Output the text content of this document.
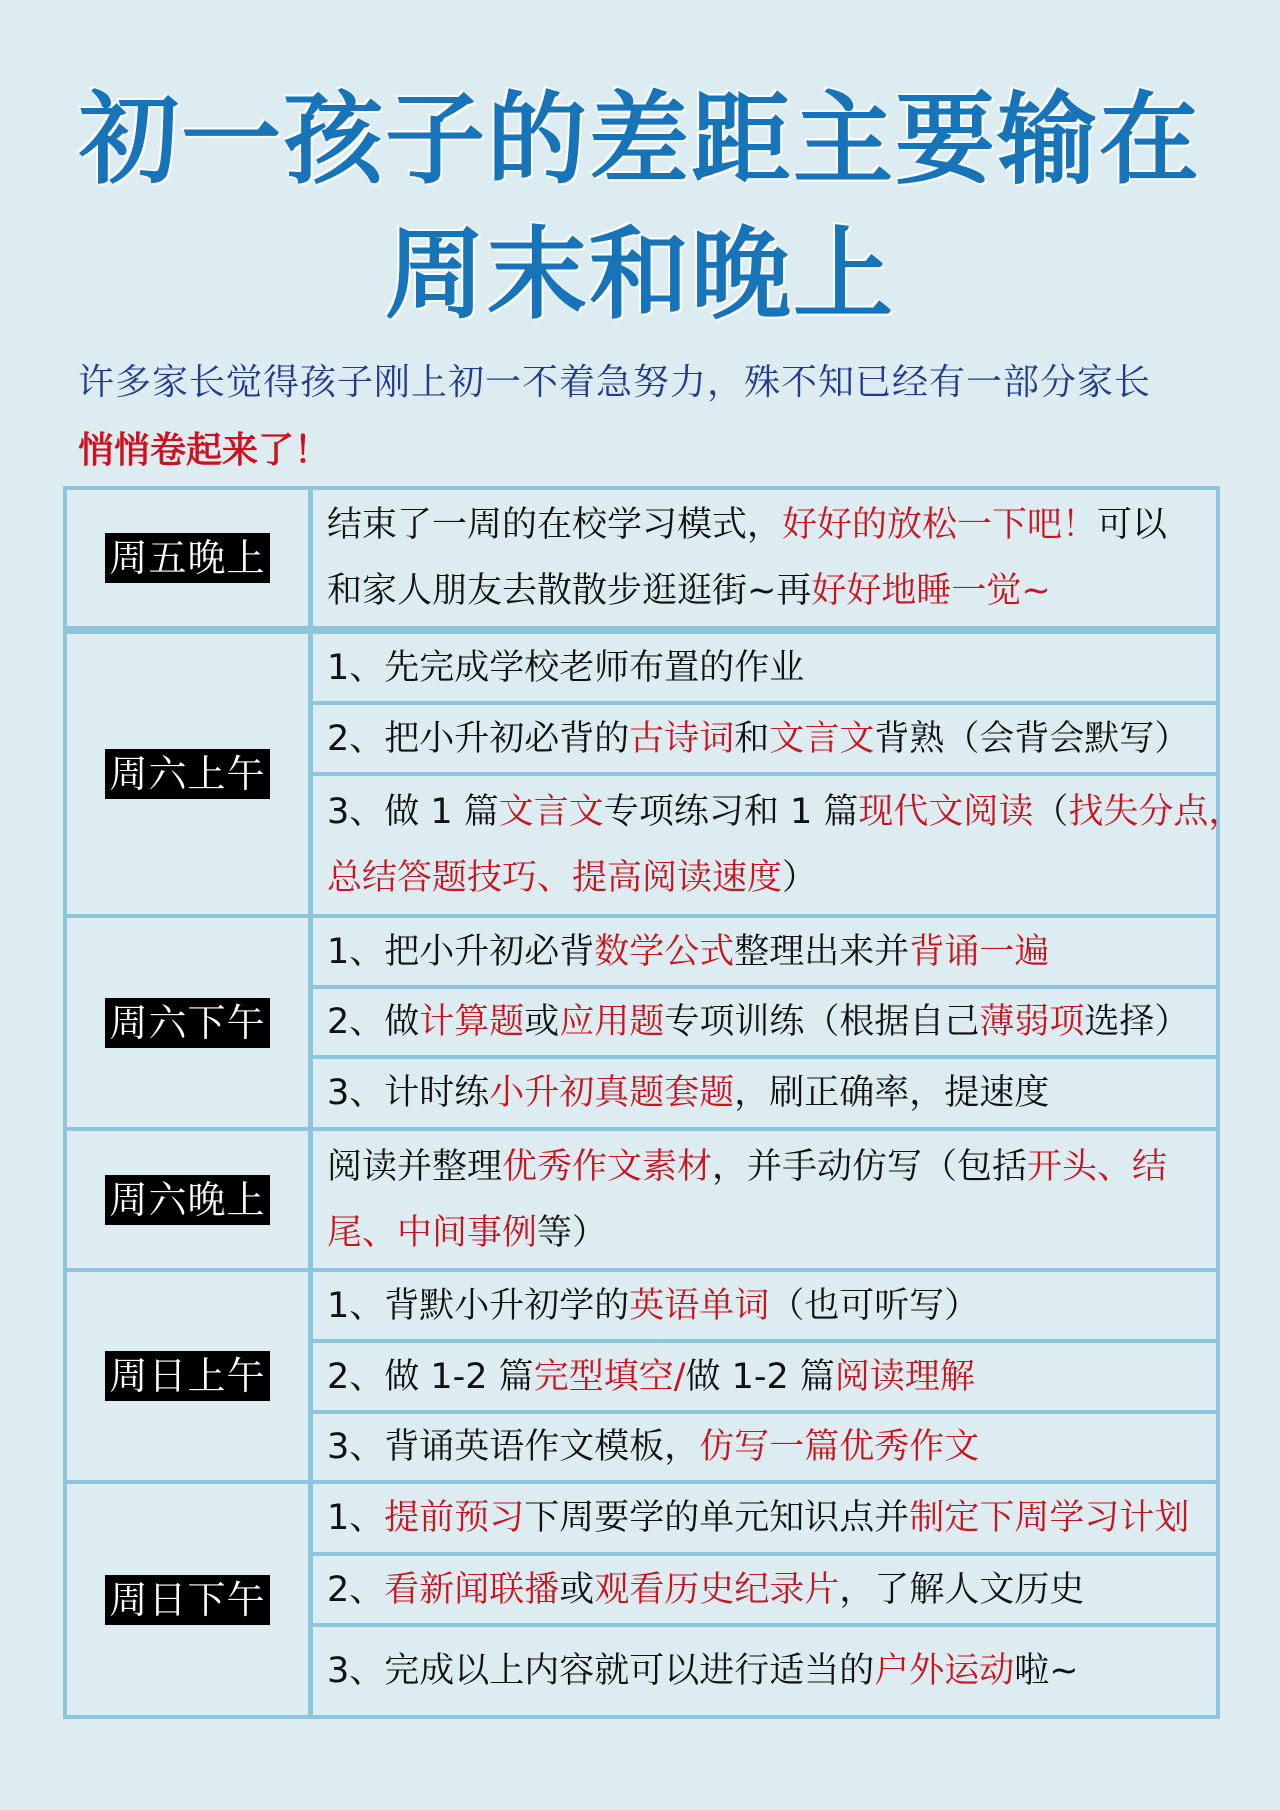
初一孩子的差距主要输在
周末和晚上
许多家长觉得孩子刚上初一不着急努力，殊不知已经有一部分家长
悄悄卷起来了！
周五晚上
结束了一周的在校学习模式，好好的放松一下吧！可以
和家人朋友去散散步逛逛街~再好好地睡一觉~
周六上午
1、先完成学校老师布置的作业
2、把小升初必背的古诗词和文言文背熟（会背会默写）
3、做 1 篇文言文专项练习和 1 篇现代文阅读（找失分点，
总结答题技巧、提高阅读速度）
周六下午
1、把小升初必背数学公式整理出来并背诵一遍
2、做计算题或应用题专项训练（根据自己薄弱项选择）
3、计时练小升初真题套题，刷正确率，提速度
周六晚上
阅读并整理优秀作文素材，并手动仿写（包括开头、结
尾、中间事例等）
周日上午
1、背默小升初学的英语单词（也可听写）
2、做 1-2 篇完型填空/做 1-2 篇阅读理解
3、背诵英语作文模板，仿写一篇优秀作文
周日下午
1、提前预习下周要学的单元知识点并制定下周学习计划
2、看新闻联播或观看历史纪录片，了解人文历史
3、完成以上内容就可以进行适当的户外运动啦~
